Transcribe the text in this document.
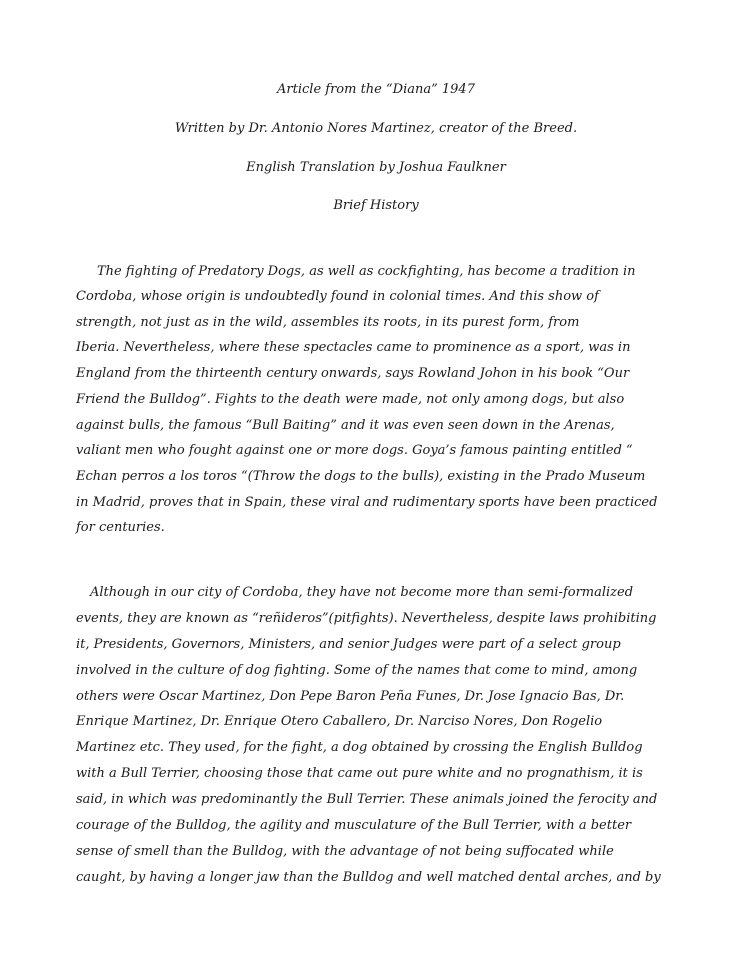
Article from the “Diana” 1947
Written by Dr. Antonio Nores Martinez, creator of the Breed.
English Translation by Joshua Faulkner
Brief History
The fighting of Predatory Dogs, as well as cockfighting, has become a tradition in
Cordoba, whose origin is undoubtedly found in colonial times. And this show of
strength, not just as in the wild, assembles its roots, in its purest form, from
Iberia. Nevertheless, where these spectacles came to prominence as a sport, was in
England from the thirteenth century onwards, says Rowland Johon in his book “Our
Friend the Bulldog”. Fights to the death were made, not only among dogs, but also
against bulls, the famous “Bull Baiting” and it was even seen down in the Arenas,
valiant men who fought against one or more dogs. Goya’s famous painting entitled “
Echan perros a los toros “(Throw the dogs to the bulls), existing in the Prado Museum
in Madrid, proves that in Spain, these viral and rudimentary sports have been practiced
for centuries.
Although in our city of Cordoba, they have not become more than semi-formalized
events, they are known as “reñideros”(pitfights). Nevertheless, despite laws prohibiting
it, Presidents, Governors, Ministers, and senior Judges were part of a select group
involved in the culture of dog fighting. Some of the names that come to mind, among
others were Oscar Martinez, Don Pepe Baron Peña Funes, Dr. Jose Ignacio Bas, Dr.
Enrique Martinez, Dr. Enrique Otero Caballero, Dr. Narciso Nores, Don Rogelio
Martinez etc. They used, for the fight, a dog obtained by crossing the English Bulldog
with a Bull Terrier, choosing those that came out pure white and no prognathism, it is
said, in which was predominantly the Bull Terrier. These animals joined the ferocity and
courage of the Bulldog, the agility and musculature of the Bull Terrier, with a better
sense of smell than the Bulldog, with the advantage of not being suffocated while
caught, by having a longer jaw than the Bulldog and well matched dental arches, and by
